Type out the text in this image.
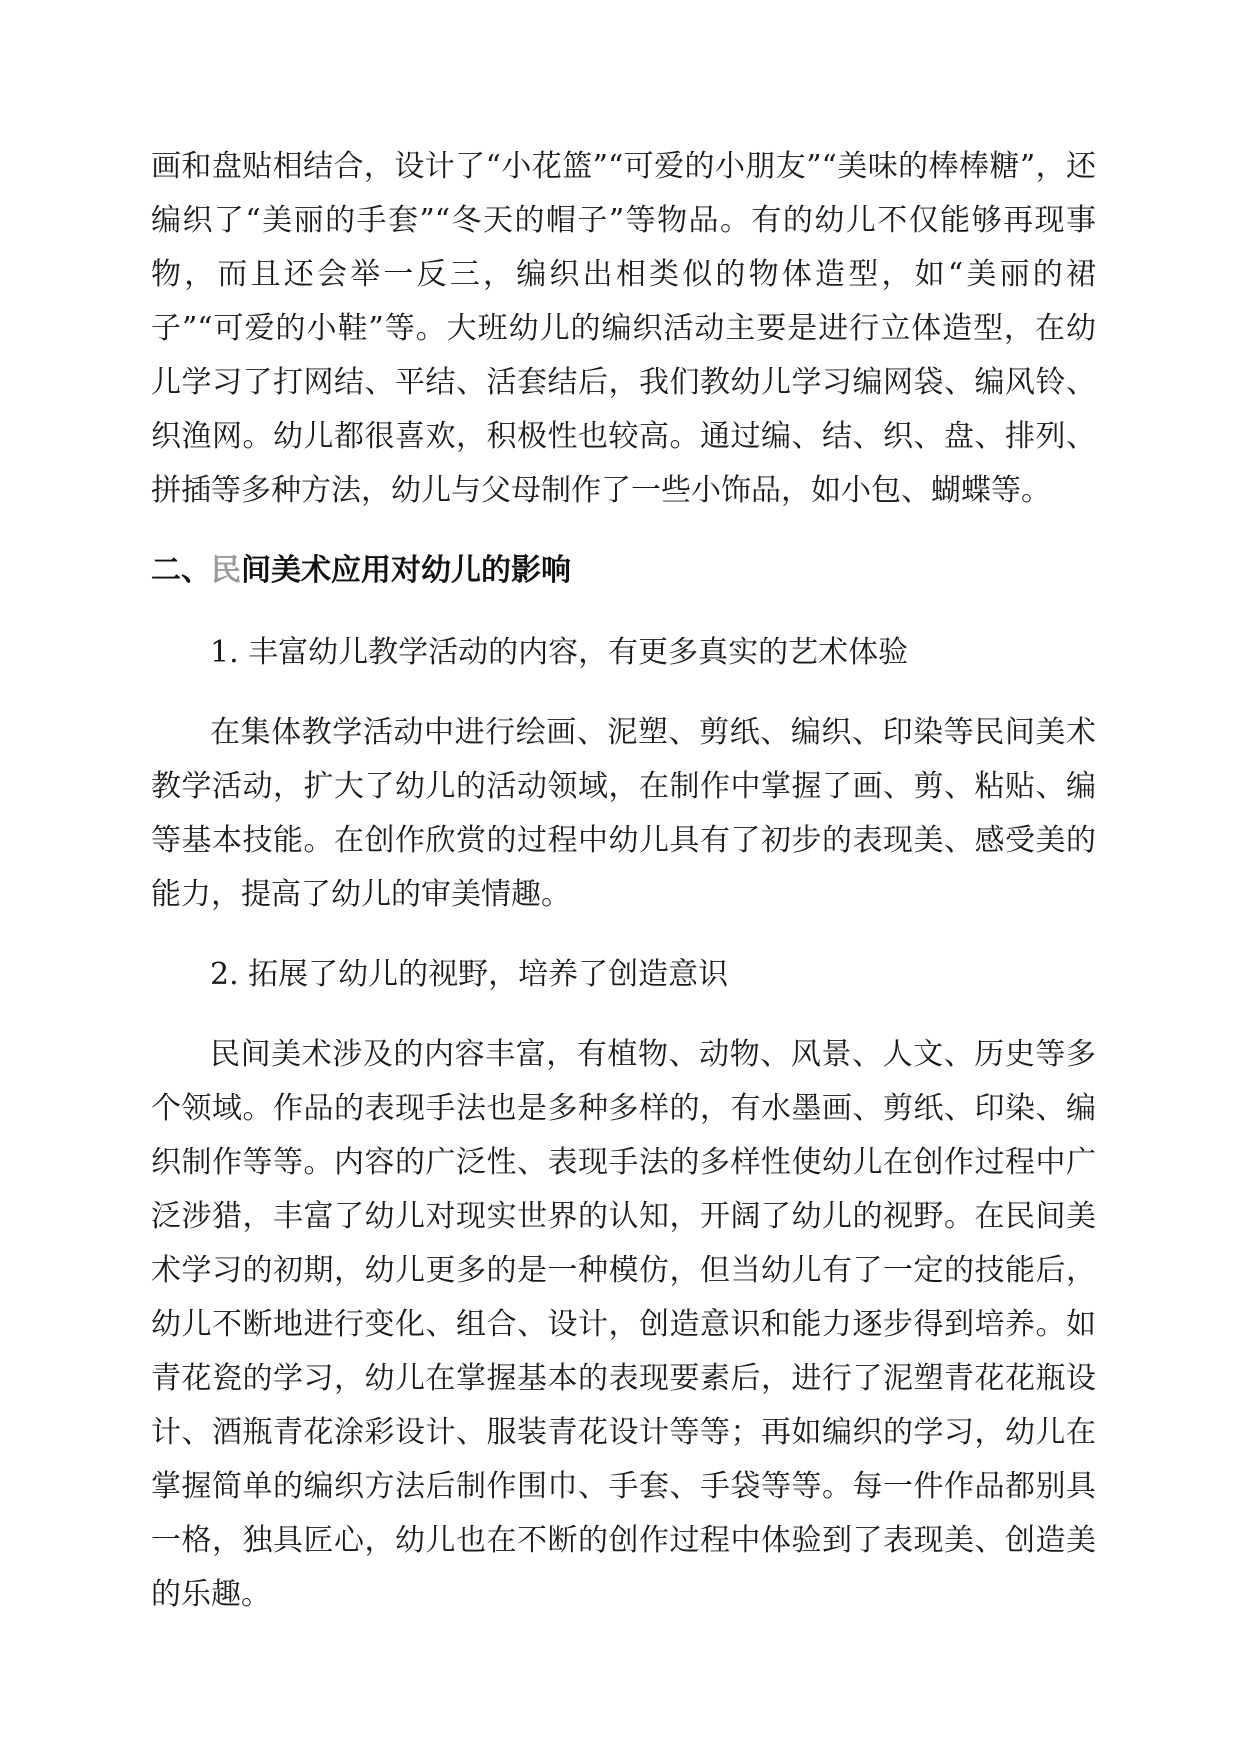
画和盘贴相结合，设计了“小花篮”“可爱的小朋友”“美味的棒棒糖”，还编织了“美丽的手套”“冬天的帽子”等物品。有的幼儿不仅能够再现事物，而且还会举一反三，编织出相类似的物体造型，如“美丽的裙子”“可爱的小鞋”等。大班幼儿的编织活动主要是进行立体造型，在幼儿学习了打网结、平结、活套结后，我们教幼儿学习编网袋、编风铃、织渔网。幼儿都很喜欢，积极性也较高。通过编、结、织、盘、排列、拼插等多种方法，幼儿与父母制作了一些小饰品，如小包、蝴蝶等。

二、民间美术应用对幼儿的影响

1. 丰富幼儿教学活动的内容，有更多真实的艺术体验

在集体教学活动中进行绘画、泥塑、剪纸、编织、印染等民间美术教学活动，扩大了幼儿的活动领域，在制作中掌握了画、剪、粘贴、编等基本技能。在创作欣赏的过程中幼儿具有了初步的表现美、感受美的能力，提高了幼儿的审美情趣。

2. 拓展了幼儿的视野，培养了创造意识

民间美术涉及的内容丰富，有植物、动物、风景、人文、历史等多个领域。作品的表现手法也是多种多样的，有水墨画、剪纸、印染、编织制作等等。内容的广泛性、表现手法的多样性使幼儿在创作过程中广泛涉猎，丰富了幼儿对现实世界的认知，开阔了幼儿的视野。在民间美术学习的初期，幼儿更多的是一种模仿，但当幼儿有了一定的技能后，幼儿不断地进行变化、组合、设计，创造意识和能力逐步得到培养。如青花瓷的学习，幼儿在掌握基本的表现要素后，进行了泥塑青花花瓶设计、酒瓶青花涂彩设计、服装青花设计等等；再如编织的学习，幼儿在掌握简单的编织方法后制作围巾、手套、手袋等等。每一件作品都别具一格，独具匠心，幼儿也在不断的创作过程中体验到了表现美、创造美的乐趣。
